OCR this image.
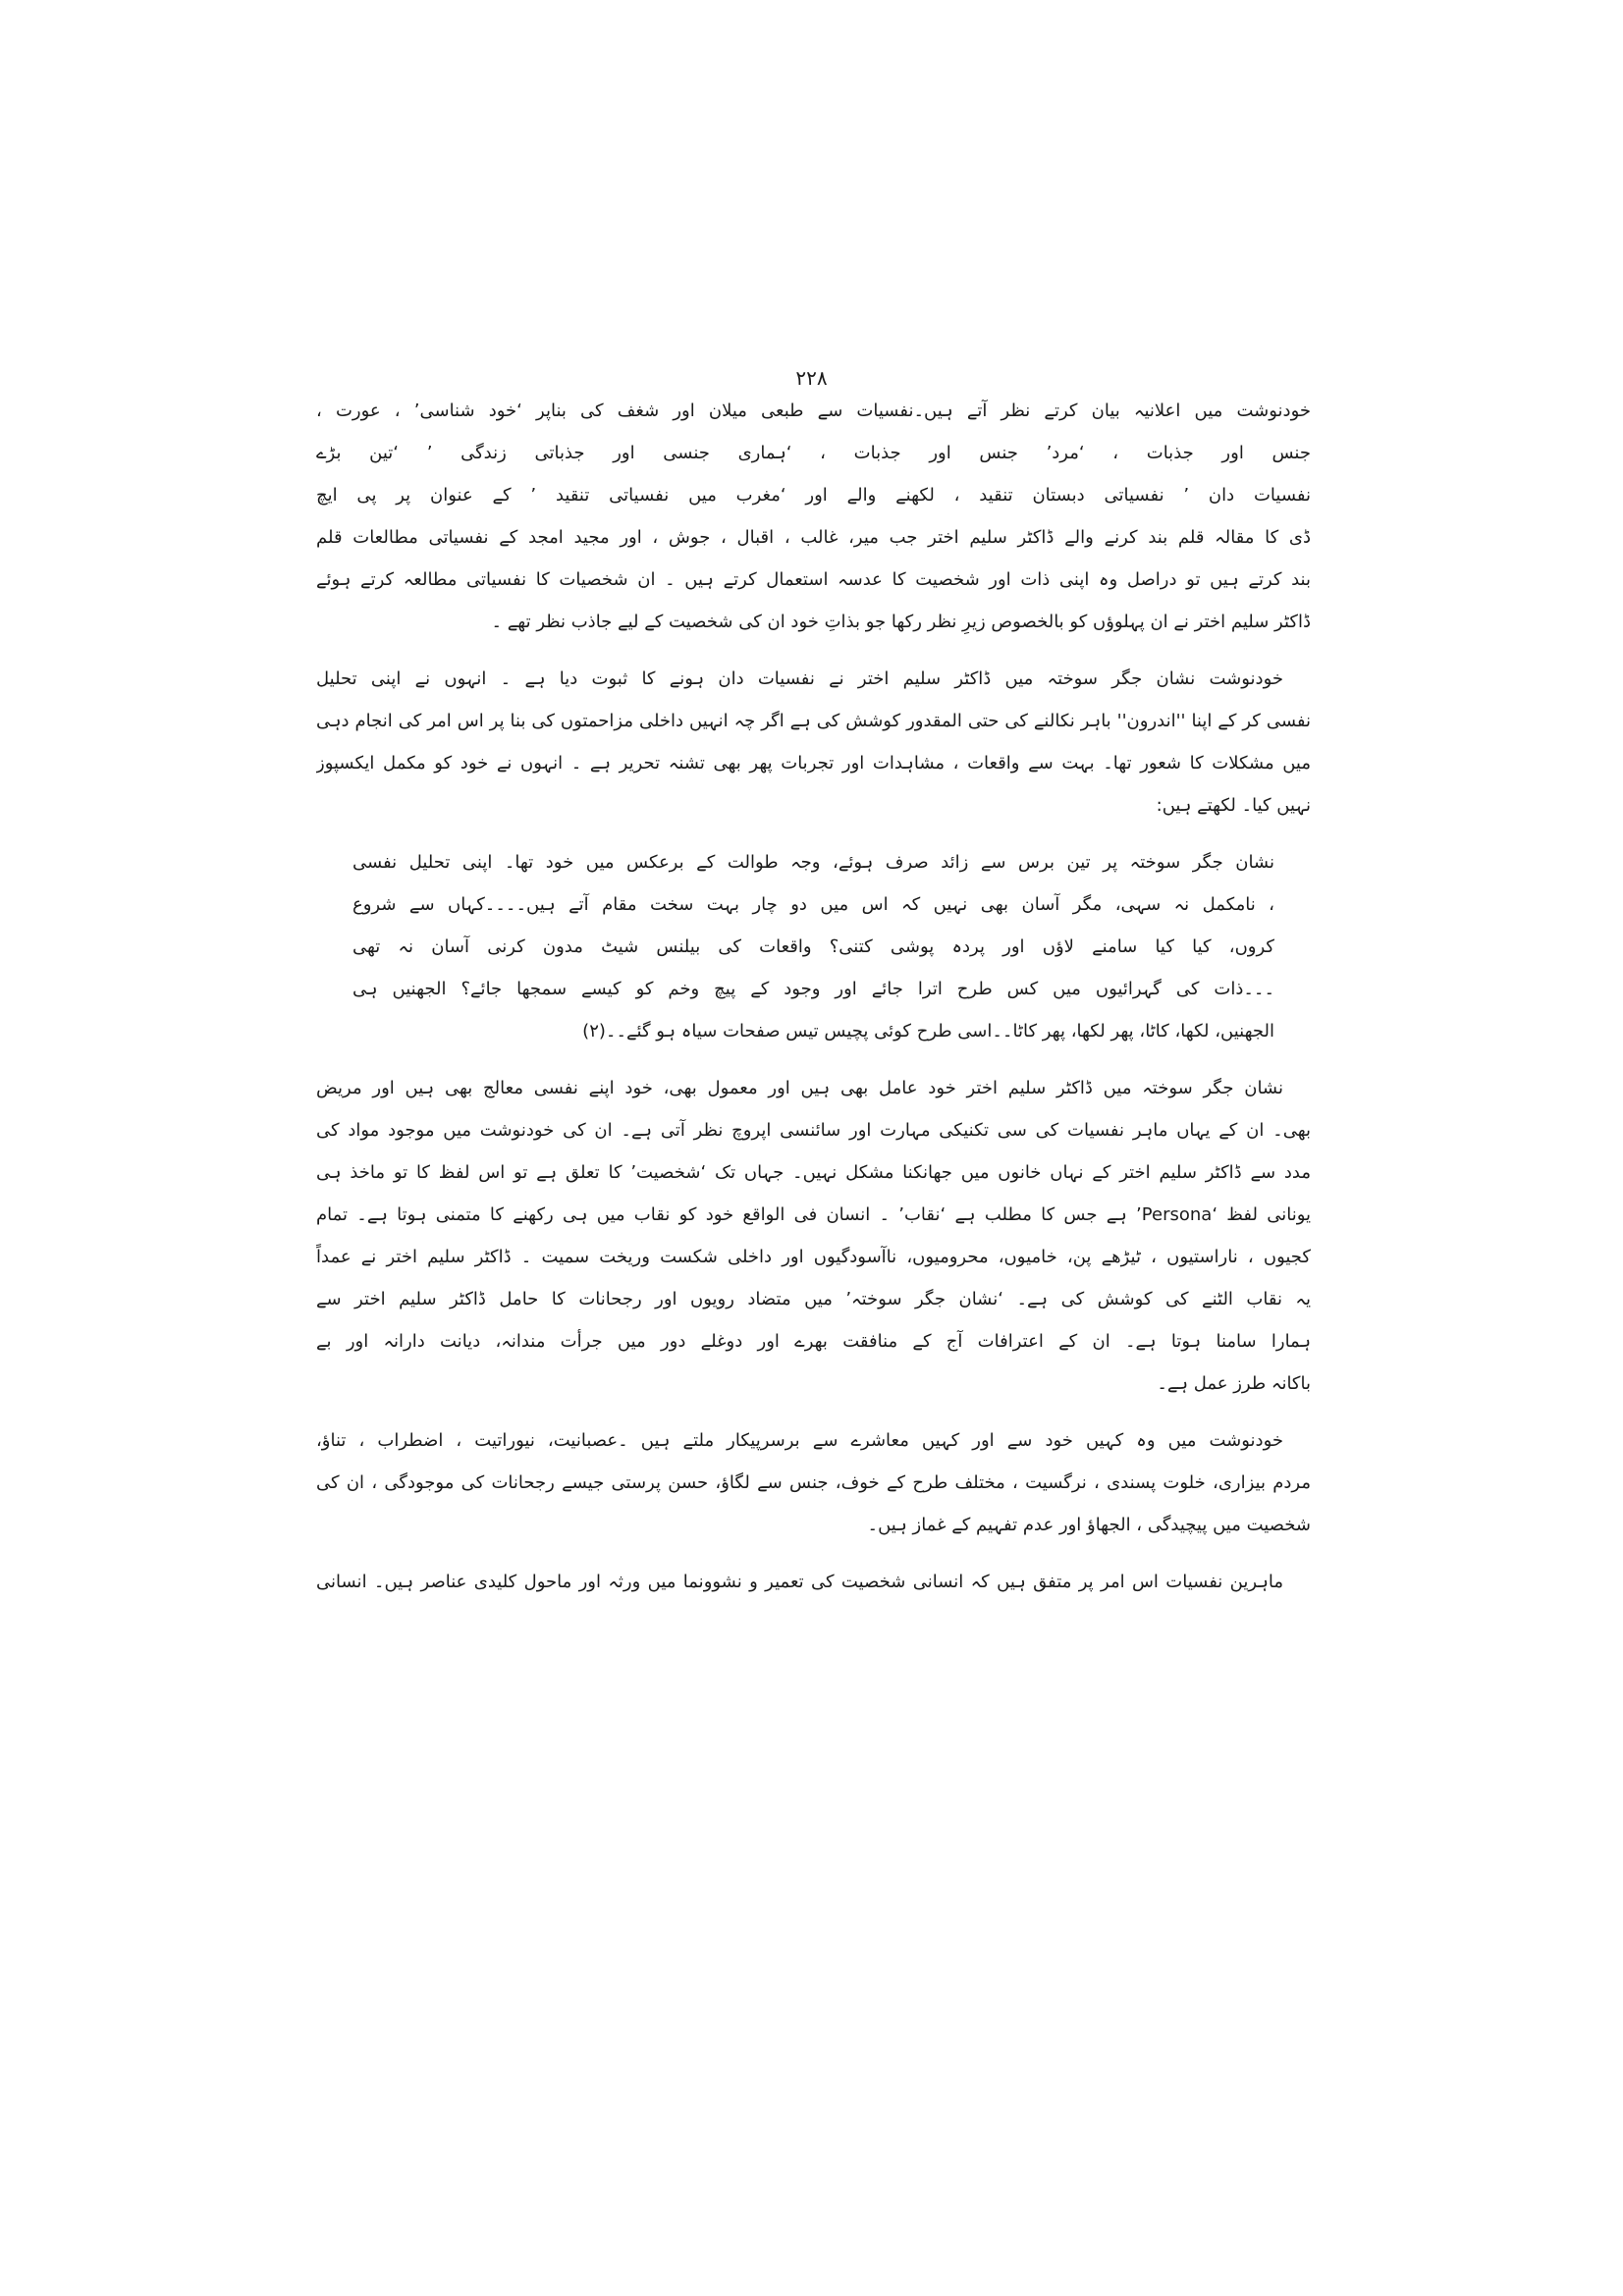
۲۲۸
خودنوشت میں اعلانیہ بیان کرتے نظر آتے ہیں۔نفسیات سے طبعی میلان اور شغف کی بناپر ‘خود شناسی’ ، عورت ،
جنس اور جذبات ، ‘مرد’ جنس اور جذبات ، ‘ہماری جنسی اور جذباتی زندگی ’ ‘تین بڑے
نفسیات دان ’ نفسیاتی دبستان تنقید ، لکھنے والے اور ‘مغرب میں نفسیاتی تنقید ’ کے عنوان پر پی ایچ
ڈی کا مقالہ قلم بند کرنے والے ڈاکٹر سلیم اختر جب میر، غالب ، اقبال ، جوش ، اور مجید امجد کے نفسیاتی مطالعات قلم
بند کرتے ہیں تو دراصل وہ اپنی ذات اور شخصیت کا عدسہ استعمال کرتے ہیں ۔ ان شخصیات کا نفسیاتی مطالعہ کرتے ہوئے
ڈاکٹر سلیم اختر نے ان پہلوؤں کو بالخصوص زیرِ نظر رکھا جو بذاتِ خود ان کی شخصیت کے لیے جاذب نظر تھے ۔
خودنوشت نشان جگر سوختہ میں ڈاکٹر سلیم اختر نے نفسیات دان ہونے کا ثبوت دیا ہے ۔ انہوں نے اپنی تحلیل
نفسی کر کے اپنا ''اندرون'' باہر نکالنے کی حتی المقدور کوشش کی ہے اگر چہ انہیں داخلی مزاحمتوں کی بنا پر اس امر کی انجام دہی
میں مشکلات کا شعور تھا۔ بہت سے واقعات ، مشاہدات اور تجربات پھر بھی تشنہ تحریر ہے ۔ انہوں نے خود کو مکمل ایکسپوز
نہیں کیا۔ لکھتے ہیں:
نشان جگر سوختہ پر تین برس سے زائد صرف ہوئے، وجہ طوالت کے برعکس میں خود تھا۔ اپنی تحلیل نفسی
، نامکمل نہ سہی، مگر آسان بھی نہیں کہ اس میں دو چار بہت سخت مقام آتے ہیں۔۔۔۔کہاں سے شروع
کروں، کیا کیا سامنے لاؤں اور پردہ پوشی کتنی؟ واقعات کی بیلنس شیٹ مدون کرنی آسان نہ تھی
۔۔۔ذات کی گہرائیوں میں کس طرح اترا جائے اور وجود کے پیچ وخم کو کیسے سمجھا جائے؟ الجھنیں ہی
الجھنیں، لکھا، کاٹا، پھر لکھا، پھر کاٹا۔۔اسی طرح کوئی پچیس تیس صفحات سیاہ ہو گئے۔۔(۲)
نشان جگر سوختہ میں ڈاکٹر سلیم اختر خود عامل بھی ہیں اور معمول بھی، خود اپنے نفسی معالج بھی ہیں اور مریض
بھی۔ ان کے یہاں ماہر نفسیات کی سی تکنیکی مہارت اور سائنسی اپروچ نظر آتی ہے۔ ان کی خودنوشت میں موجود مواد کی
مدد سے ڈاکٹر سلیم اختر کے نہاں خانوں میں جھانکنا مشکل نہیں۔ جہاں تک ‘شخصیت’ کا تعلق ہے تو اس لفظ کا تو ماخذ ہی
یونانی لفظ ‘Persona’ ہے جس کا مطلب ہے ‘نقاب’ ۔ انسان فی الواقع خود کو نقاب میں ہی رکھنے کا متمنی ہوتا ہے۔ تمام
کجیوں ، ناراستیوں ، ٹیڑھے پن، خامیوں، محرومیوں، ناآسودگیوں اور داخلی شکست وریخت سمیت ۔ ڈاکٹر سلیم اختر نے عمداً
یہ نقاب الٹنے کی کوشش کی ہے۔ ‘نشان جگر سوختہ’ میں متضاد رویوں اور رجحانات کا حامل ڈاکٹر سلیم اختر سے
ہمارا سامنا ہوتا ہے۔ ان کے اعترافات آج کے منافقت بھرے اور دوغلے دور میں جرأت مندانہ، دیانت دارانہ اور بے
باکانہ طرز عمل ہے۔
خودنوشت میں وہ کہیں خود سے اور کہیں معاشرے سے برسرپیکار ملتے ہیں ۔عصبانیت، نیوراتیت ، اضطراب ، تناؤ،
مردم بیزاری، خلوت پسندی ، نرگسیت ، مختلف طرح کے خوف، جنس سے لگاؤ، حسن پرستی جیسے رجحانات کی موجودگی ، ان کی
شخصیت میں پیچیدگی ، الجھاؤ اور عدم تفہیم کے غماز ہیں۔
ماہرین نفسیات اس امر پر متفق ہیں کہ انسانی شخصیت کی تعمیر و نشوونما میں ورثہ اور ماحول کلیدی عناصر ہیں۔ انسانی
